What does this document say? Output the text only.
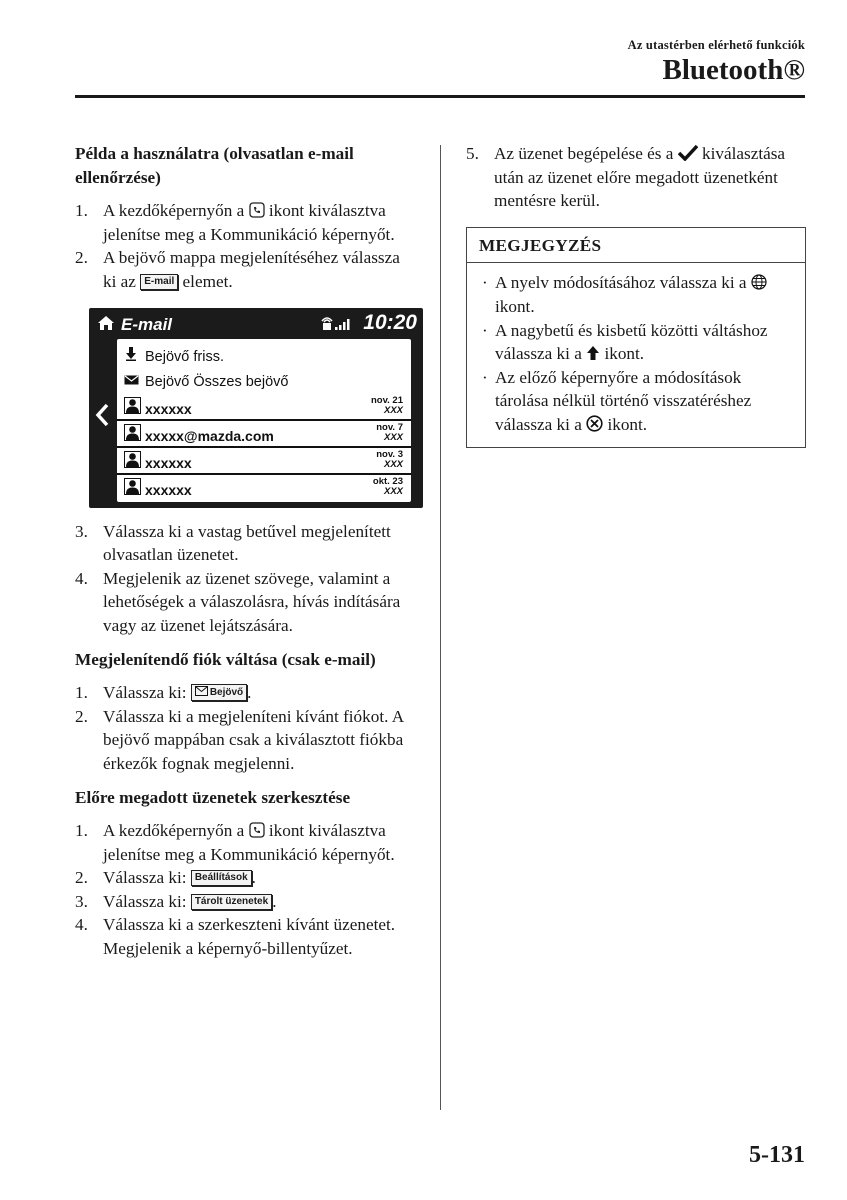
Az utastérben elérhető funkciók
Bluetooth®
Példa a használatra (olvasatlan e-mail ellenőrzése)
1. A kezdőképernyőn a  ikont kiválasztva jelenítse meg a Kommunikáció képernyőt.
2. A bejövő mappa megjelenítéséhez válassza ki az E-mail elemet.
E-mail	10:20
Bejövő friss.
Bejövő Összes bejövő
xxxxxx
nov. 21
XXX
xxxxx@mazda.com
nov. 7
XXX
xxxxxx
nov. 3
XXX
xxxxxx
okt. 23
XXX
3. Válassza ki a vastag betűvel megjelenített olvasatlan üzenetet.
4. Megjelenik az üzenet szövege, valamint a lehetőségek a válaszolásra, hívás indítására vagy az üzenet lejátszására.
Megjelenítendő fiók váltása (csak e-mail)
1. Válassza ki: Bejövő .
2. Válassza ki a megjeleníteni kívánt fiókot. A bejövő mappában csak a kiválasztott fiókba érkezők fognak megjelenni.
Előre megadott üzenetek szerkesztése
1. A kezdőképernyőn a  ikont kiválasztva jelenítse meg a Kommunikáció képernyőt.
2. Válassza ki: Beállítások .
3. Válassza ki: Tárolt üzenetek .
4. Válassza ki a szerkeszteni kívánt üzenetet. Megjelenik a képernyő-billentyűzet.
5. Az üzenet begépelése és a  kiválasztása után az üzenet előre megadott üzenetként mentésre kerül.
MEGJEGYZÉS
· A nyelv módosításához válassza ki a  ikont.
· A nagybetű és kisbetű közötti váltáshoz válassza ki a  ikont.
· Az előző képernyőre a módosítások tárolása nélkül történő visszatéréshez válassza ki a  ikont.
5-131
